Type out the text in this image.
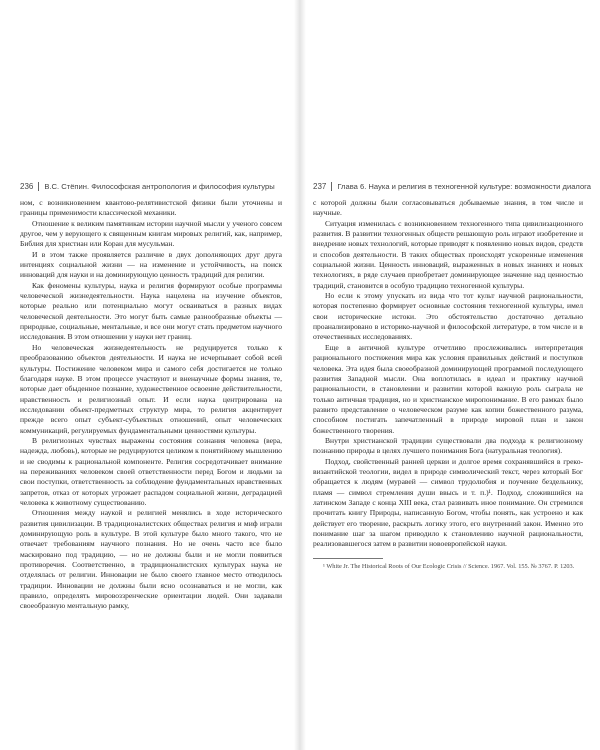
236 В.С. Стёпин. Философская антропология и философия культуры

ном, с возникновением квантово-релятивистской физики были уточнены и границы применимости классической механики.

Отношение к великим памятникам истории научной мысли у ученого совсем другое, чем у верующего к священным книгам мировых религий, как, например, Библия для христиан или Коран для мусульман.

И в этом также проявляется различие в двух дополняющих друг друга интенциях социальной жизни — на изменение и устойчивость, на поиск инноваций для науки и на доминирующую ценность традиций для религии.

Как феномены культуры, наука и религия формируют особые программы человеческой жизнедеятельности. Наука нацелена на изучение объектов, которые реально или потенциально могут осваиваться в разных видах человеческой деятельности. Это могут быть самые разнообразные объекты — природные, социальные, ментальные, и все они могут стать предметом научного исследования. В этом отношении у науки нет границ.

Но человеческая жизнедеятельность не редуцируется только к преобразованию объектов деятельности. И наука не исчерпывает собой всей культуры. Постижение человеком мира и самого себя достигается не только благодаря науке. В этом процессе участвуют и вненаучные формы знания, те, которые дает обыденное познание, художественное освоение действительности, нравственность и религиозный опыт. И если наука центрирована на исследовании объект-предметных структур мира, то религия акцентирует прежде всего опыт субъект-субъектных отношений, опыт человеческих коммуникаций, регулируемых фундаментальными ценностями культуры.

В религиозных чувствах выражены состояния сознания человека (вера, надежда, любовь), которые не редуцируются целиком к понятийному мышлению и не сводимы к рациональной компоненте. Религия сосредотачивает внимание на переживаниях человеком своей ответственности перед Богом и людьми за свои поступки, ответственность за соблюдение фундаментальных нравственных запретов, отказ от которых угрожает распадом социальной жизни, деградацией человека к животному существованию.

Отношения между наукой и религией менялись в ходе исторического развития цивилизации. В традиционалистских обществах религия и миф играли доминирующую роль в культуре. В этой культуре было много такого, что не отвечает требованиям научного познания. Но не очень часто все было маскировано под традицию, — но не должны были и не могли появиться противоречия. Соответственно, в традиционалистских культурах наука не отделялась от религии. Инновации не было своего главное место отводилось традиции. Инновации не должны были ясно осознаваться и не могли, как правило, определять мировоззренческие ориентации людей. Они задавали своеобразную ментальную рамку,

237 Глава 6. Наука и религия в техногенной культуре: возможности диалога

с которой должны были согласовываться добываемые знания, в том числе и научные.

Ситуация изменилась с возникновением техногенного типа цивилизационного развития. В развитии техногенных обществ решающую роль играют изобретение и внедрение новых технологий, которые приводят к появлению новых видов, средств и способов деятельности. В таких обществах происходят ускоренные изменения социальной жизни. Ценность инноваций, выраженных в новых знаниях и новых технологиях, в ряде случаев приобретает доминирующее значение над ценностью традиций, становится в особую традицию техногенной культуры.

Но если к этому упускать из вида что тот культ научной рациональности, которая постепенно формирует основные состояния техногенной культуры, имел свои исторические истоки. Это обстоятельство достаточно детально проанализировано в историко-научной и философской литературе, в том числе и в отечественных исследованиях.

Еще в античной культуре отчетливо прослеживались интерпретация рационального постижения мира как условия правильных действий и поступков человека. Эта идея была своеобразной доминирующей программой последующего развития Западной мысли. Она воплотилась в идеал и практику научной рациональности, в становлении и развитии которой важную роль сыграла не только античная традиция, но и христианское миропонимание. В его рамках было развито представление о человеческом разуме как копии божественного разума, способном постигать запечатленный в природе мировой план и закон божественного творения.

Внутри христианской традиции существовали два подхода к религиозному познанию природы в целях лучшего понимания Бога (натуральная теология).

Подход, свойственный ранней церкви и долгое время сохранявшийся в греко-византийской теологии, видел в природе символический текст, через который Бог обращается к людям (муравей — символ трудолюбия и поучение бездельнику, пламя — символ стремления души ввысь и т. п.)¹. Подход, сложившийся на латинском Западе с конца XIII века, стал развивать иное понимание. Он стремился прочитать книгу Природы, написанную Богом, чтобы понять, как устроено и как действует его творение, раскрыть логику этого, его внутренний закон. Именно это понимание шаг за шагом приводило к становлению научной рациональности, реализовавшегося затем в развитии новоевропейской науки.

¹ White Jr. The Historical Roots of Our Ecologic Crisis // Science. 1967. Vol. 155. № 3767. P. 1203.
